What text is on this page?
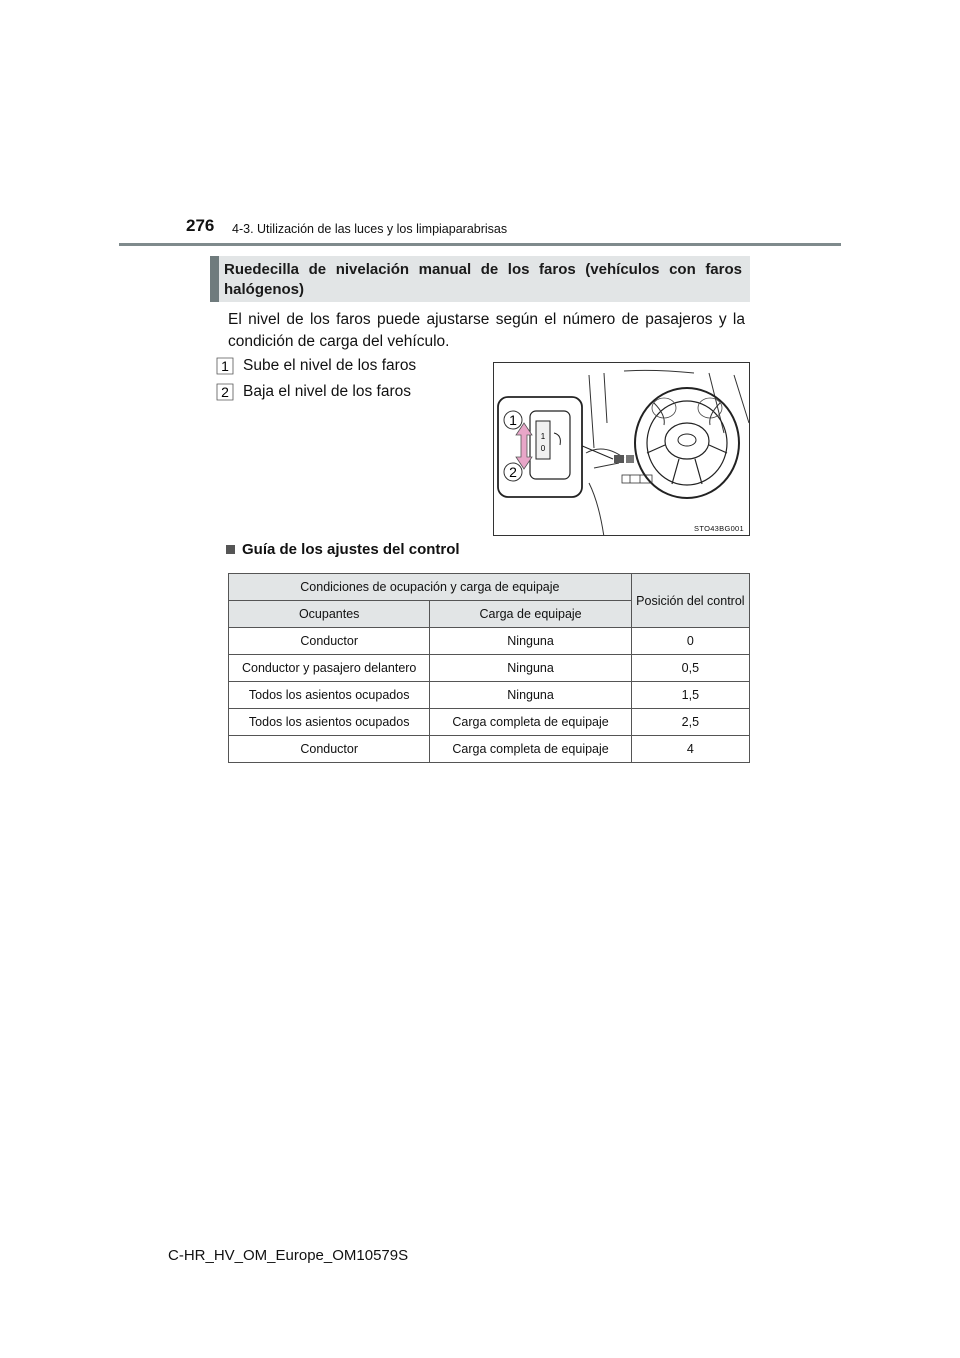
276 4-3. Utilización de las luces y los limpiaparabrisas
Ruedecilla de nivelación manual de los faros (vehículos con faros halógenos)
El nivel de los faros puede ajustarse según el número de pasajeros y la condición de carga del vehículo.
1 Sube el nivel de los faros
2 Baja el nivel de los faros
1
0
1
2
STO43BG001
Guía de los ajustes del control
Condiciones de ocupación y carga de equipaje		Posición del control
Ocupantes	Carga de equipaje	
Conductor	Ninguna	0
Conductor y pasajero delantero	Ninguna	0,5
Todos los asientos ocupados	Ninguna	1,5
Todos los asientos ocupados	Carga completa de equipaje	2,5
Conductor	Carga completa de equipaje	4
C-HR_HV_OM_Europe_OM10579S
